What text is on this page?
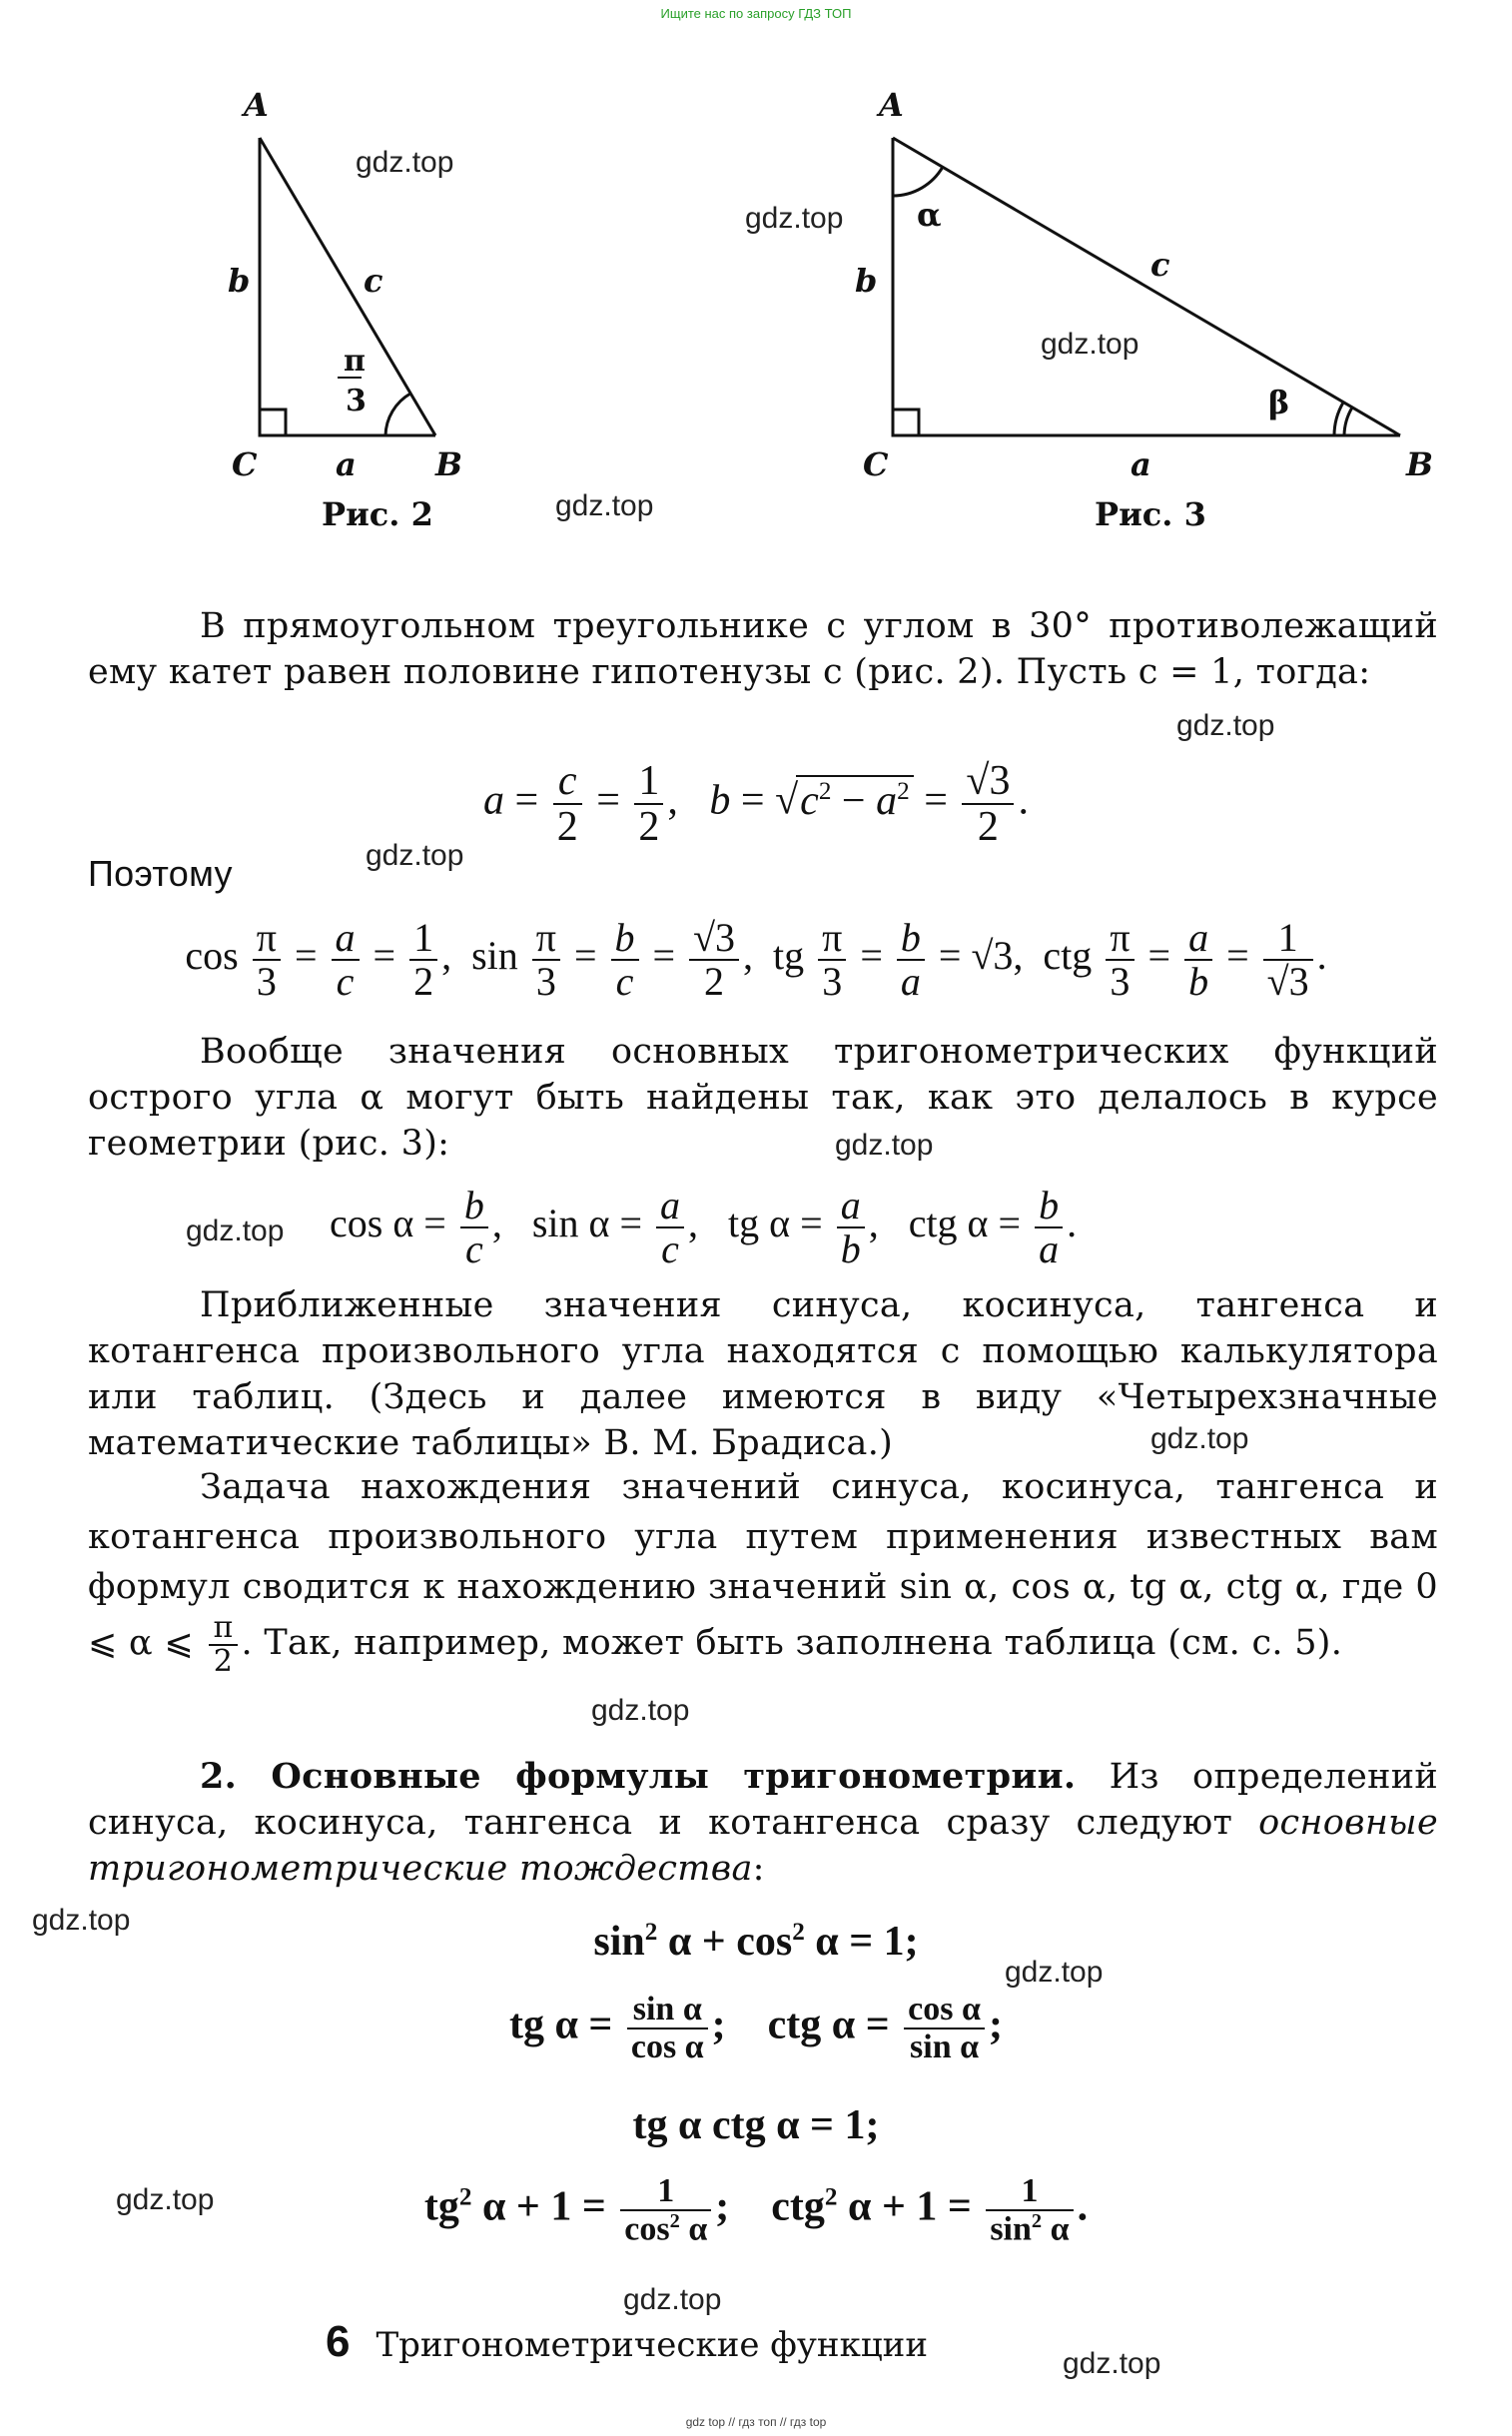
Ищите нас по запросу ГДЗ ТОП
gdz top // гдз топ // гдз top
A
b	c
π
3
C a B
Рис. 2
A
α
b	c
β
C	a	B
Рис. 3
В прямоугольном треугольнике с углом в 30° противолежащий ему катет равен половине гипотенузы c (рис. 2). Пусть c = 1, тогда:
$a = \frac{c}{2} = \frac{1}{2}$ ,   $b = √c^2 - a^2 = \frac{√3}{2}$ .
Поэтому
$\cos \frac{\pi}{3} = \frac{a}{c} = \frac{1}{2}$ ,  $\sin \frac{\pi}{3} = \frac{b}{c} = \frac{√3}{2}$ ,  tg $\frac{\pi}{3} = \frac{b}{a} = √3$,  ctg $\frac{\pi}{3} = \frac{a}{b} = \frac{1}{√3}$ .
Вообще значения основных тригонометрических функций острого угла α могут быть найдены так, как это делалось в курсе геометрии (рис. 3):
$\cos \alpha = \frac{b}{c}$ ,   $\sin \alpha = \frac{a}{c}$ ,   tg $\alpha = \frac{a}{b}$ ,   ctg $\alpha = \frac{b}{a}$ .
Приближенные значения синуса, косинуса, тангенса и котангенса произвольного угла находятся с помощью калькулятора или таблиц. (Здесь и далее имеются в виду «Четырехзначные математические таблицы» В. М. Брадиса.)
Задача нахождения значений синуса, косинуса, тангенса и котангенса произвольного угла путем применения известных вам формул сводится к нахождению значений sin α, cos α, tg α, ctg α, где 0 ⩽ α ⩽ $\frac{\pi}{2}$ . Так, например, может быть заполнена таблица (см. с. 5).
2. Основные формулы тригонометрии. Из определений синуса, косинуса, тангенса и котангенса сразу следуют основные тригонометрические тождества:
$\sin^2 \alpha + \cos^2 \alpha = 1$;
tg $\alpha = \frac{\text{sin α}}{\text{cos α}}$ ;    ctg $\alpha = \frac{\text{cos α}}{\text{sin α}}$ ;
tg α ctg α = 1;
$tg^2$ $\alpha + 1 = \frac{1}{\cos^2 \alpha}$ ;    ctg$^2$ $\alpha + 1 = \frac{1}{\sin^2 \alpha}$ .
6 Тригонометрические функции
gdz.top
gdz.top
gdz.top
gdz.top
gdz.top
gdz.top
gdz.top
gdz.top
gdz.top
gdz.top
gdz.top
gdz.top
gdz.top
gdz.top
gdz.top
